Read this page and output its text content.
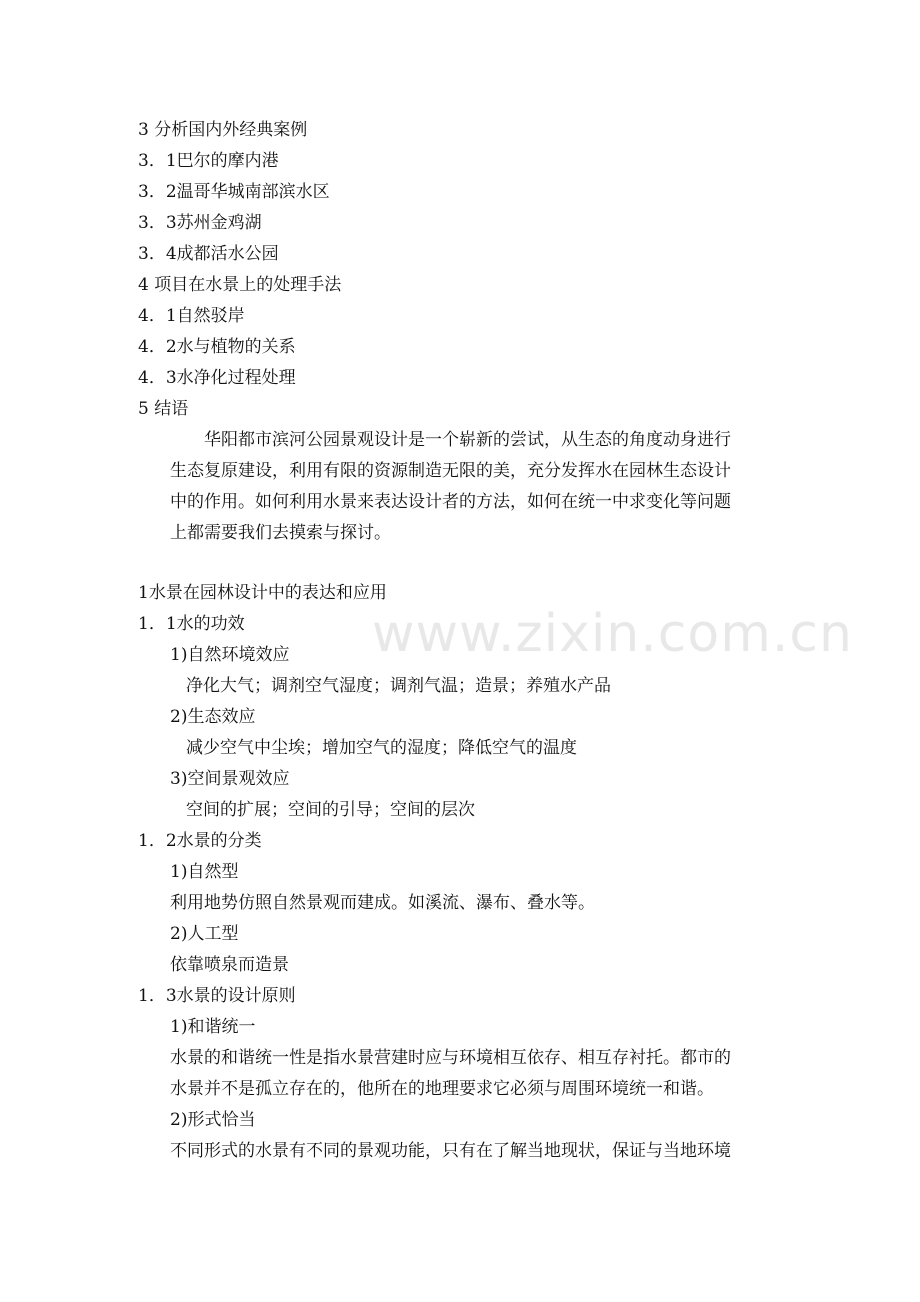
www.zixin.com.cn
3 分析国内外经典案例
3．1巴尔的摩内港
3．2温哥华城南部滨水区
3．3苏州金鸡湖
3．4成都活水公园
4 项目在水景上的处理手法
4．1自然驳岸
4．2水与植物的关系
4．3水净化过程处理
5 结语
华阳都市滨河公园景观设计是一个崭新的尝试，从生态的角度动身进行
生态复原建设，利用有限的资源制造无限的美，充分发挥水在园林生态设计
中的作用。如何利用水景来表达设计者的方法，如何在统一中求变化等问题
上都需要我们去摸索与探讨。
1水景在园林设计中的表达和应用
1．1水的功效
1)自然环境效应
净化大气；调剂空气湿度；调剂气温；造景；养殖水产品
2)生态效应
减少空气中尘埃；增加空气的湿度；降低空气的温度
3)空间景观效应
空间的扩展；空间的引导；空间的层次
1．2水景的分类
1)自然型
利用地势仿照自然景观而建成。如溪流、瀑布、叠水等。
2)人工型
依靠喷泉而造景
1．3水景的设计原则
1)和谐统一
水景的和谐统一性是指水景营建时应与环境相互依存、相互存衬托。都市的
水景并不是孤立存在的，他所在的地理要求它必须与周围环境统一和谐。
2)形式恰当
不同形式的水景有不同的景观功能，只有在了解当地现状，保证与当地环境
